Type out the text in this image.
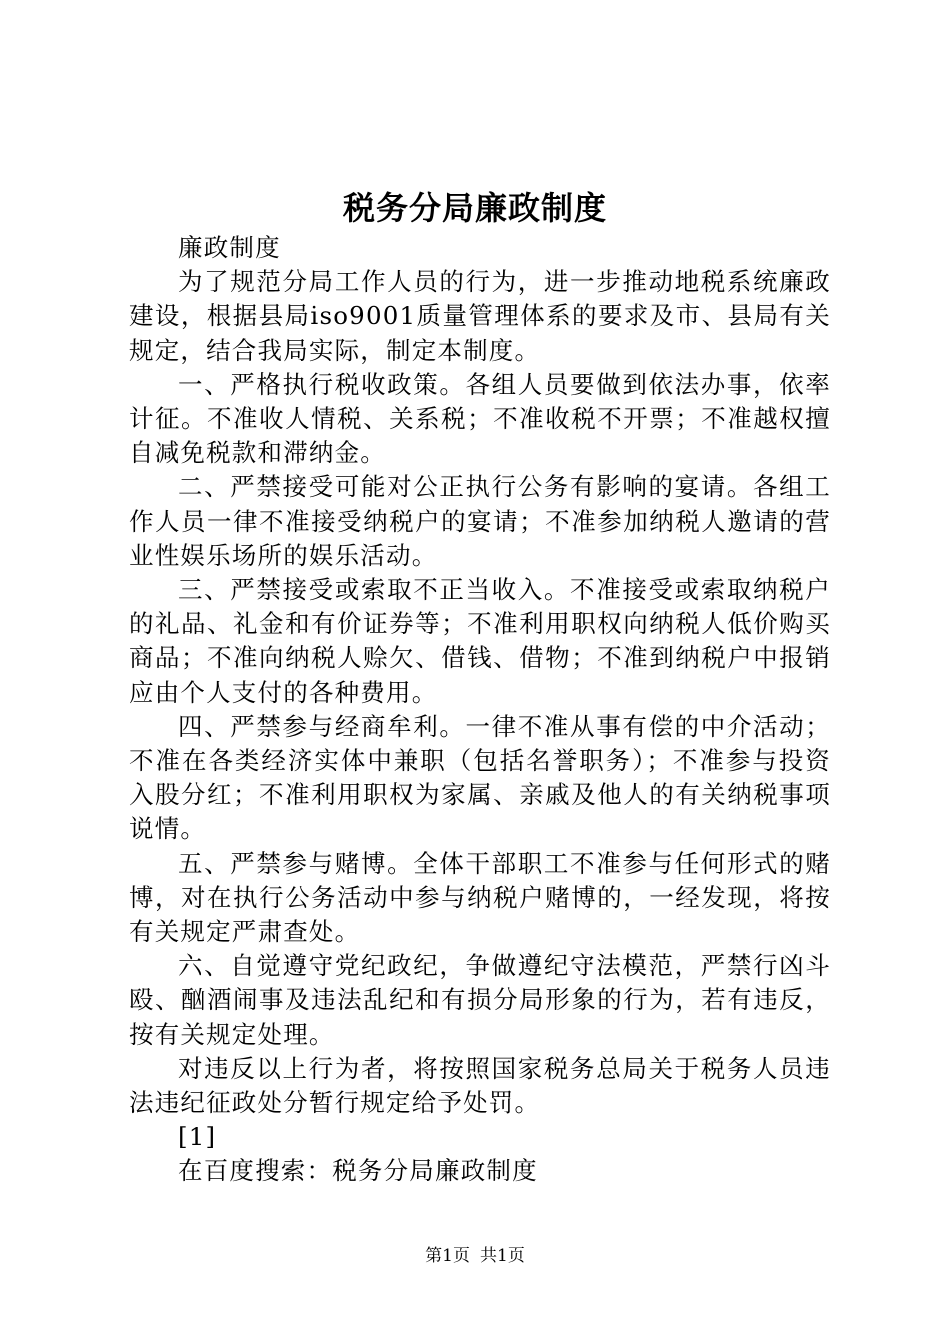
税务分局廉政制度

廉政制度

为了规范分局工作人员的行为，进一步推动地税系统廉政建设，根据县局iso9001质量管理体系的要求及市、县局有关规定，结合我局实际，制定本制度。

一、严格执行税收政策。各组人员要做到依法办事，依率计征。不准收人情税、关系税；不准收税不开票；不准越权擅自减免税款和滞纳金。

二、严禁接受可能对公正执行公务有影响的宴请。各组工作人员一律不准接受纳税户的宴请；不准参加纳税人邀请的营业性娱乐场所的娱乐活动。

三、严禁接受或索取不正当收入。不准接受或索取纳税户的礼品、礼金和有价证券等；不准利用职权向纳税人低价购买商品；不准向纳税人赊欠、借钱、借物；不准到纳税户中报销应由个人支付的各种费用。

四、严禁参与经商牟利。一律不准从事有偿的中介活动；不准在各类经济实体中兼职（包括名誉职务）；不准参与投资入股分红；不准利用职权为家属、亲戚及他人的有关纳税事项说情。

五、严禁参与赌博。全体干部职工不准参与任何形式的赌博，对在执行公务活动中参与纳税户赌博的，一经发现，将按有关规定严肃查处。

六、自觉遵守党纪政纪，争做遵纪守法模范，严禁行凶斗殴、酗酒闹事及违法乱纪和有损分局形象的行为，若有违反，按有关规定处理。

对违反以上行为者，将按照国家税务总局关于税务人员违法违纪征政处分暂行规定给予处罚。

[1]

在百度搜索：税务分局廉政制度

第1页 共1页
